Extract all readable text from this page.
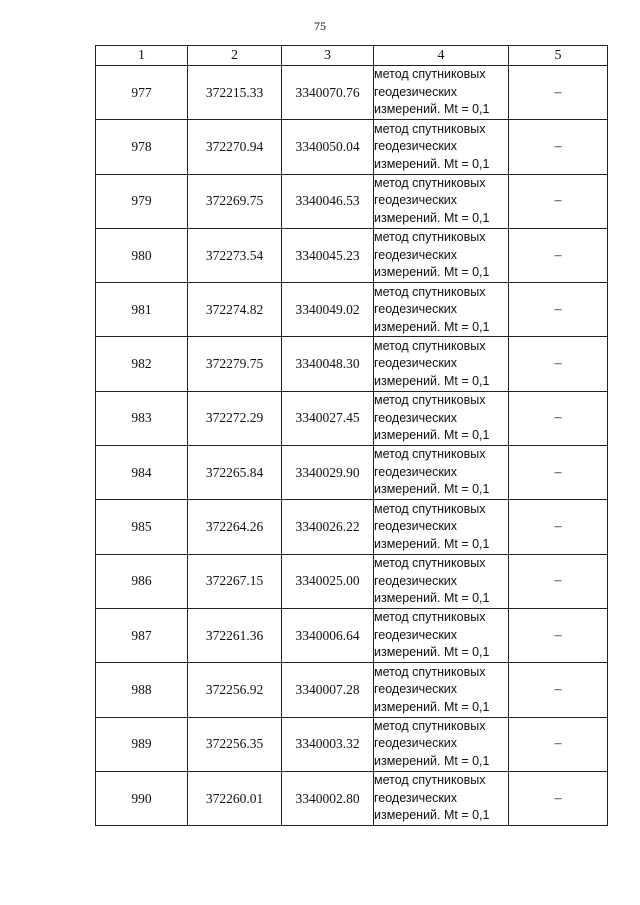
75
1	2	3	4	5
977	372215.33	3340070.76	метод спутниковых
геодезических
измерений. Mt = 0,1	–
978	372270.94	3340050.04	метод спутниковых
геодезических
измерений. Mt = 0,1	–
979	372269.75	3340046.53	метод спутниковых
геодезических
измерений. Mt = 0,1	–
980	372273.54	3340045.23	метод спутниковых
геодезических
измерений. Mt = 0,1	–
981	372274.82	3340049.02	метод спутниковых
геодезических
измерений. Mt = 0,1	–
982	372279.75	3340048.30	метод спутниковых
геодезических
измерений. Mt = 0,1	–
983	372272.29	3340027.45	метод спутниковых
геодезических
измерений. Mt = 0,1	–
984	372265.84	3340029.90	метод спутниковых
геодезических
измерений. Mt = 0,1	–
985	372264.26	3340026.22	метод спутниковых
геодезических
измерений. Mt = 0,1	–
986	372267.15	3340025.00	метод спутниковых
геодезических
измерений. Mt = 0,1	–
987	372261.36	3340006.64	метод спутниковых
геодезических
измерений. Mt = 0,1	–
988	372256.92	3340007.28	метод спутниковых
геодезических
измерений. Mt = 0,1	–
989	372256.35	3340003.32	метод спутниковых
геодезических
измерений. Mt = 0,1	–
990	372260.01	3340002.80	метод спутниковых
геодезических
измерений. Mt = 0,1	–
